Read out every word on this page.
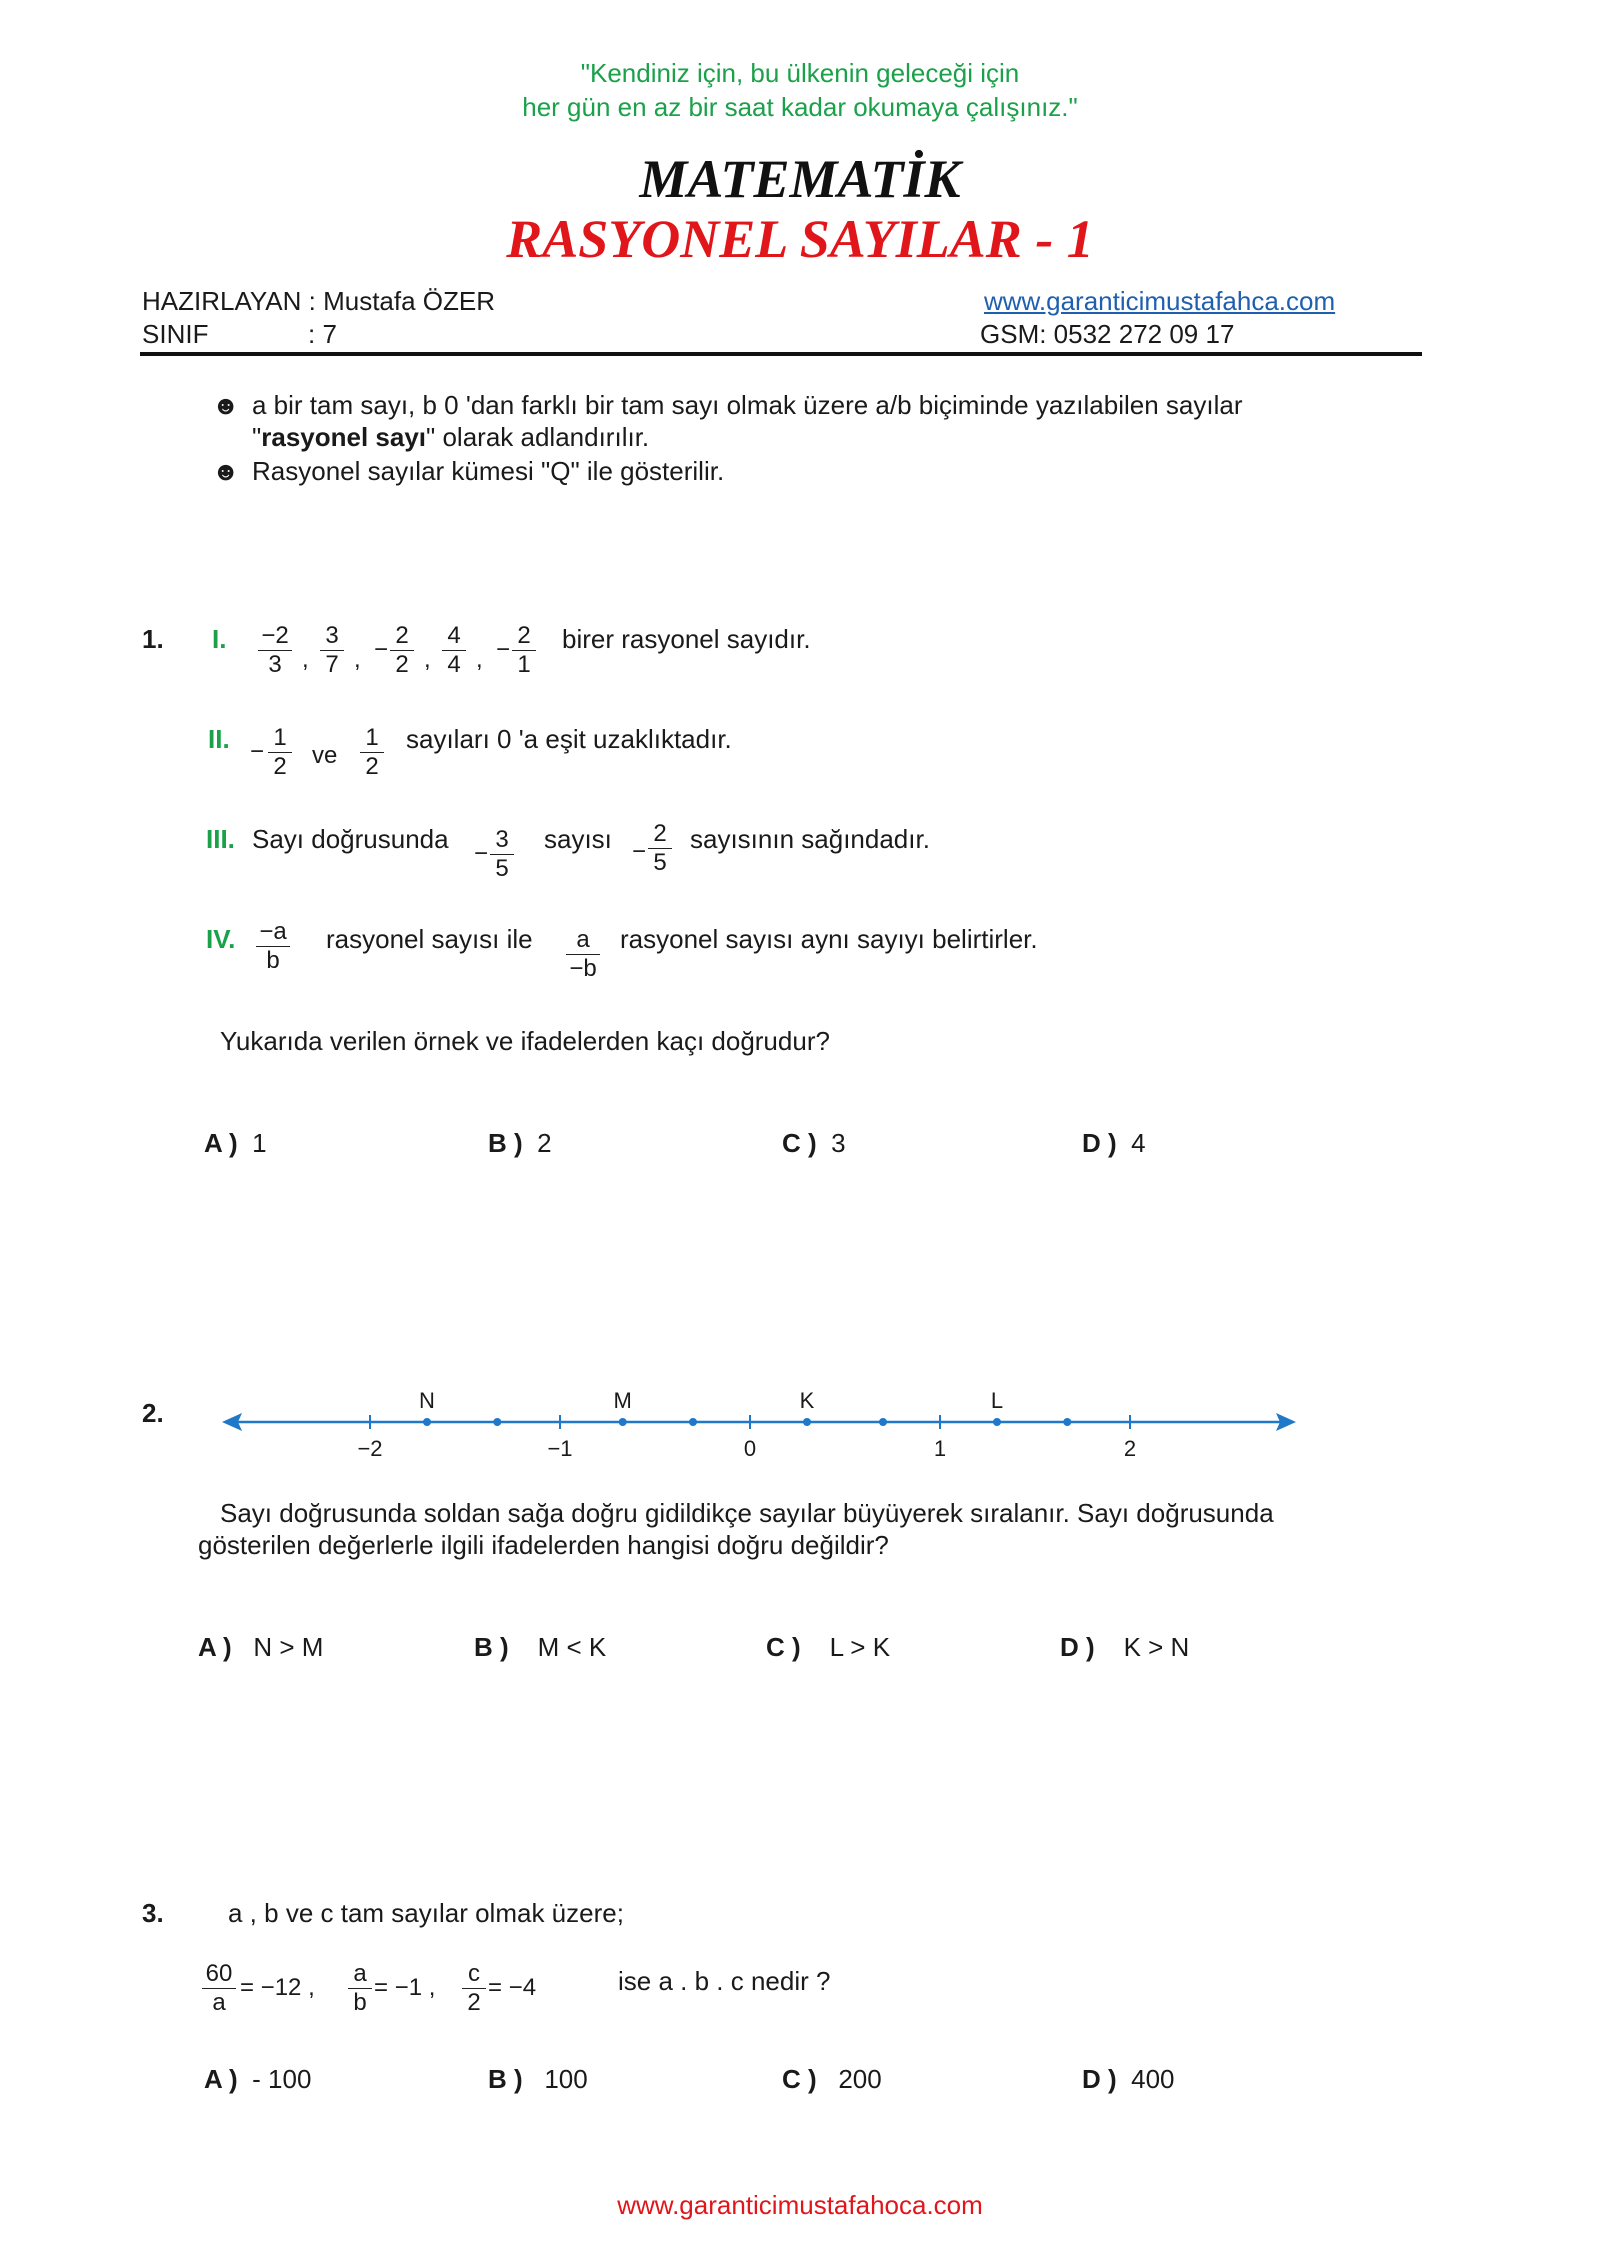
"Kendiniz için, bu ülkenin geleceği için
her gün en az bir saat kadar okumaya çalışınız."
MATEMATİK
RASYONEL SAYILAR - 1
HAZIRLAYAN : Mustafa ÖZER
SINIF	: 7
www.garanticimustafahca.com
GSM: 0532 272 09 17
☻ a bir tam sayı, b 0 'dan farklı bir tam sayı olmak üzere a/b biçiminde yazılabilen sayılar
"rasyonel sayı" olarak adlandırılır.
☻ Rasyonel sayılar kümesi "Q" ile gösterilir.
1. I. $\frac{-2}{3}$ , $\frac{3}{7}$ , − $\frac{2}{2}$ , $\frac{4}{4}$ , − $\frac{2}{1}$ birer rasyonel sayıdır.
II. − $\frac{1}{2}$ ve $\frac{1}{2}$ sayıları 0 'a eşit uzaklıktadır.
III. Sayı doğrusunda − $\frac{3}{5}$ sayısı − $\frac{2}{5}$ sayısının sağındadır.
IV. $\frac{-a}{b}$ rasyonel sayısı ile $\frac{a}{-b}$ rasyonel sayısı aynı sayıyı belirtirler.
Yukarıda verilen örnek ve ifadelerden kaçı doğrudur?
A ) 1	B ) 2	C ) 3	D ) 4
2.
−2	−1	0	1	2
N	M	K	L
Sayı doğrusunda soldan sağa doğru gidildikçe sayılar büyüyerek sıralanır. Sayı doğrusunda
gösterilen değerlerle ilgili ifadelerden hangisi doğru değildir?
A ) N > M	B ) M < K	C ) L > K	D ) K > N
3. a , b ve c tam sayılar olmak üzere;
$\frac{60}{a} = -12$ , $\frac{a}{b} = -1$ , $\frac{c}{2} = -4$	ise a . b . c nedir ?
A ) - 100	B ) 100	C ) 200	D ) 400
www.garanticimustafahoca.com
